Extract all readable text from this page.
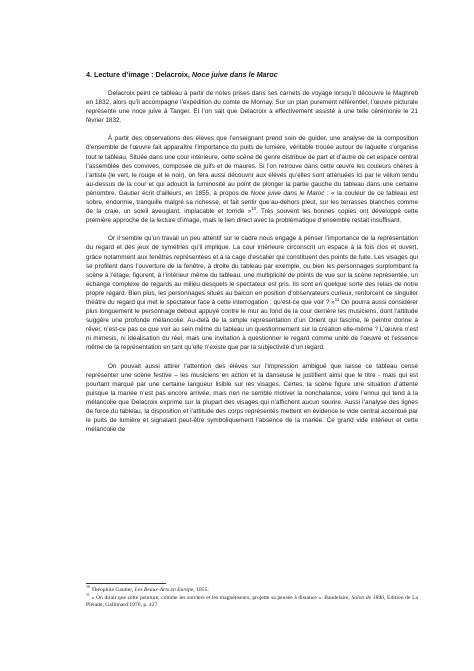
4. Lecture d’image : Delacroix, Noce juive dans le Maroc

Delacroix peint ce tableau à partir de notes prises dans ses carnets de voyage lorsqu’il découvre le Maghreb en 1832, alors qu’il accompagne l’expédition du comte de Mornay. Sur un plan purement référentiel, l’œuvre picturale représente une noce juive à Tanger. Et l’on sait que Delacroix a effectivement assisté à une telle cérémonie le 21 février 1832.

À partir des observations des élèves que l’enseignant prend soin de guider, une analyse de la composition d’ensemble de l’œuvre fait apparaître l’importance du puits de lumière, véritable trouée autour de laquelle s’organise tout le tableau. Située dans une cour intérieure, cette scène de genre distribue de part et d’autre de cet espace central l’assemblée des convives, composée de juifs et de maures. Si l’on retrouve dans cette œuvre les couleurs chères à l’artiste (le vert, le rouge et le noir), on fera aussi découvrir aux élèves qu’elles sont atténuées ici par le vélum tendu au-dessus de la cour et qui adoucit la luminosité au point de plonger la partie gauche du tableau dans une certaine pénombre. Gautier écrit d’ailleurs, en 1855, à propos de Noce juive dans le Maroc : « la couleur de ce tableau est sobre, endormie, tranquille malgré sa richesse, et fait sentir que’au-dehors pleut, sur les terrasses blanches comme de la craie, un soleil aveuglant, implacable et torride »$^{10}$. Très souvent les bonnes copies ont développé cette première approche de la lecture d’image, mais le lien direct avec la problématique d’ensemble restait insuffisant.

Or il semble qu’un travail un peu attentif sur le cadre nous engage à penser l’importance de la représentation du regard et des jeux de symétries qu’il implique. La cour intérieure circonscrit un espace à la fois clos et ouvert, grâce notamment aux fenêtres représentées et à la cage d’escalier qui constituent des points de fuite. Les visages qui se profilent dans l’ouverture de la fenêtre, à droite du tableau par exemple, ou bien les personnages surplombant la scène à l’étage, figurent, à l’intérieur même du tableau, une multiplicité de points de vue sur la scène représentée, un échange complexe de regards au milieu desquels le spectateur est pris. Ils sont en quelque sorte des relais de notre propre regard. Bien plus, les personnages situés au balcon en position d’observateurs curieux, renforcent ce singulier théâtre du regard qui met le spectateur face à cette interrogation : qu’est-ce que voir ? »$^{11}$ On pourra aussi considérer plus longuement le personnage debout appuyé contre le mur au fond de la cour derrière les musiciens, dont l’attitude suggère une profonde mélancolie. Au-delà de la simple représentation d’un Orient qui fascine, le peintre donne à rêver, n’est-ce pas ce que voir au sein même du tableau un questionnement sur la création elle-même ? L’œuvre n’est ni mimesis, ni idéalisation du réel, mais une invitation à questionner le regard comme unité de l’œuvre et l’essence même de la représentation en tant qu’elle n’existe que par la subjectivité d’un regard.

On pouvait aussi attirer l’attention des élèves sur l’impression ambiguë que laisse ce tableau censé représenter une scène festive – les musiciens en action et la danseuse le justifient ainsi que le titre - mais qui est pourtant marqué par une certaine langueur lisible sur les visages. Certes, la scène figure une situation d’attente puisque la mariée n’est pas encore arrivée, mais rien ne semble motiver la nonchalance, voire l’ennui qui tend à la mélancolie que Delacroix exprime sur la plupart des visages qui n’affichent aucun sourire. Aussi l’analyse des lignes de force du tableau, la disposition et l’attitude des corps représentés mettent en évidence le vide central accentué par le puits de lumière et signalant peut-être symboliquement l’absence de la mariée. Ce grand vide intérieur et cette mélancolie de

$^{10}$ Théophile Gautier, Les Beaux-Arts en Europe, 1855.

$^{11}$ « On dirait que cette peinture, comme les sorciers et les magnétiseurs, projette sa pensée à distance ». Baudelaire, Salon de 1846, Edition de La Pléiade, Gallimard 1976, p. 427.
